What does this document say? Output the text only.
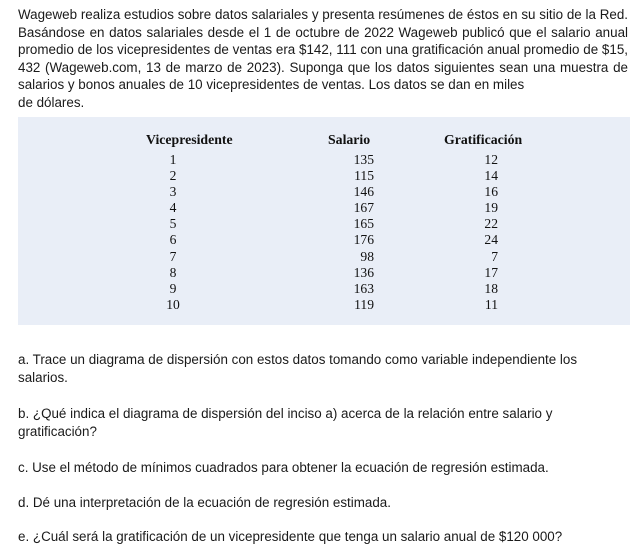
Wageweb realiza estudios sobre datos salariales y presenta resúmenes de éstos en su sitio de la Red. Basándose en datos salariales desde el 1 de octubre de 2022 Wageweb publicó que el salario anual promedio de los vicepresidentes de ventas era $142, 111 con una gratificación anual promedio de $15, 432 (Wageweb.com, 13 de marzo de 2023). Suponga que los datos siguientes sean una muestra de salarios y bonos anuales de 10 vicepresidentes de ventas. Los datos se dan en miles
de dólares.
Vicepresidente
1
2
3
4
5
6
7
8
9
10
Salario
135
115
146
167
165
176
98
136
163
119
Gratificación
12
14
16
19
22
24
7
17
18
11
a. Trace un diagrama de dispersión con estos datos tomando como variable independiente los salarios.
b. ¿Qué indica el diagrama de dispersión del inciso a) acerca de la relación entre salario y gratificación?
c. Use el método de mínimos cuadrados para obtener la ecuación de regresión estimada.
d. Dé una interpretación de la ecuación de regresión estimada.
e. ¿Cuál será la gratificación de un vicepresidente que tenga un salario anual de $120 000?
